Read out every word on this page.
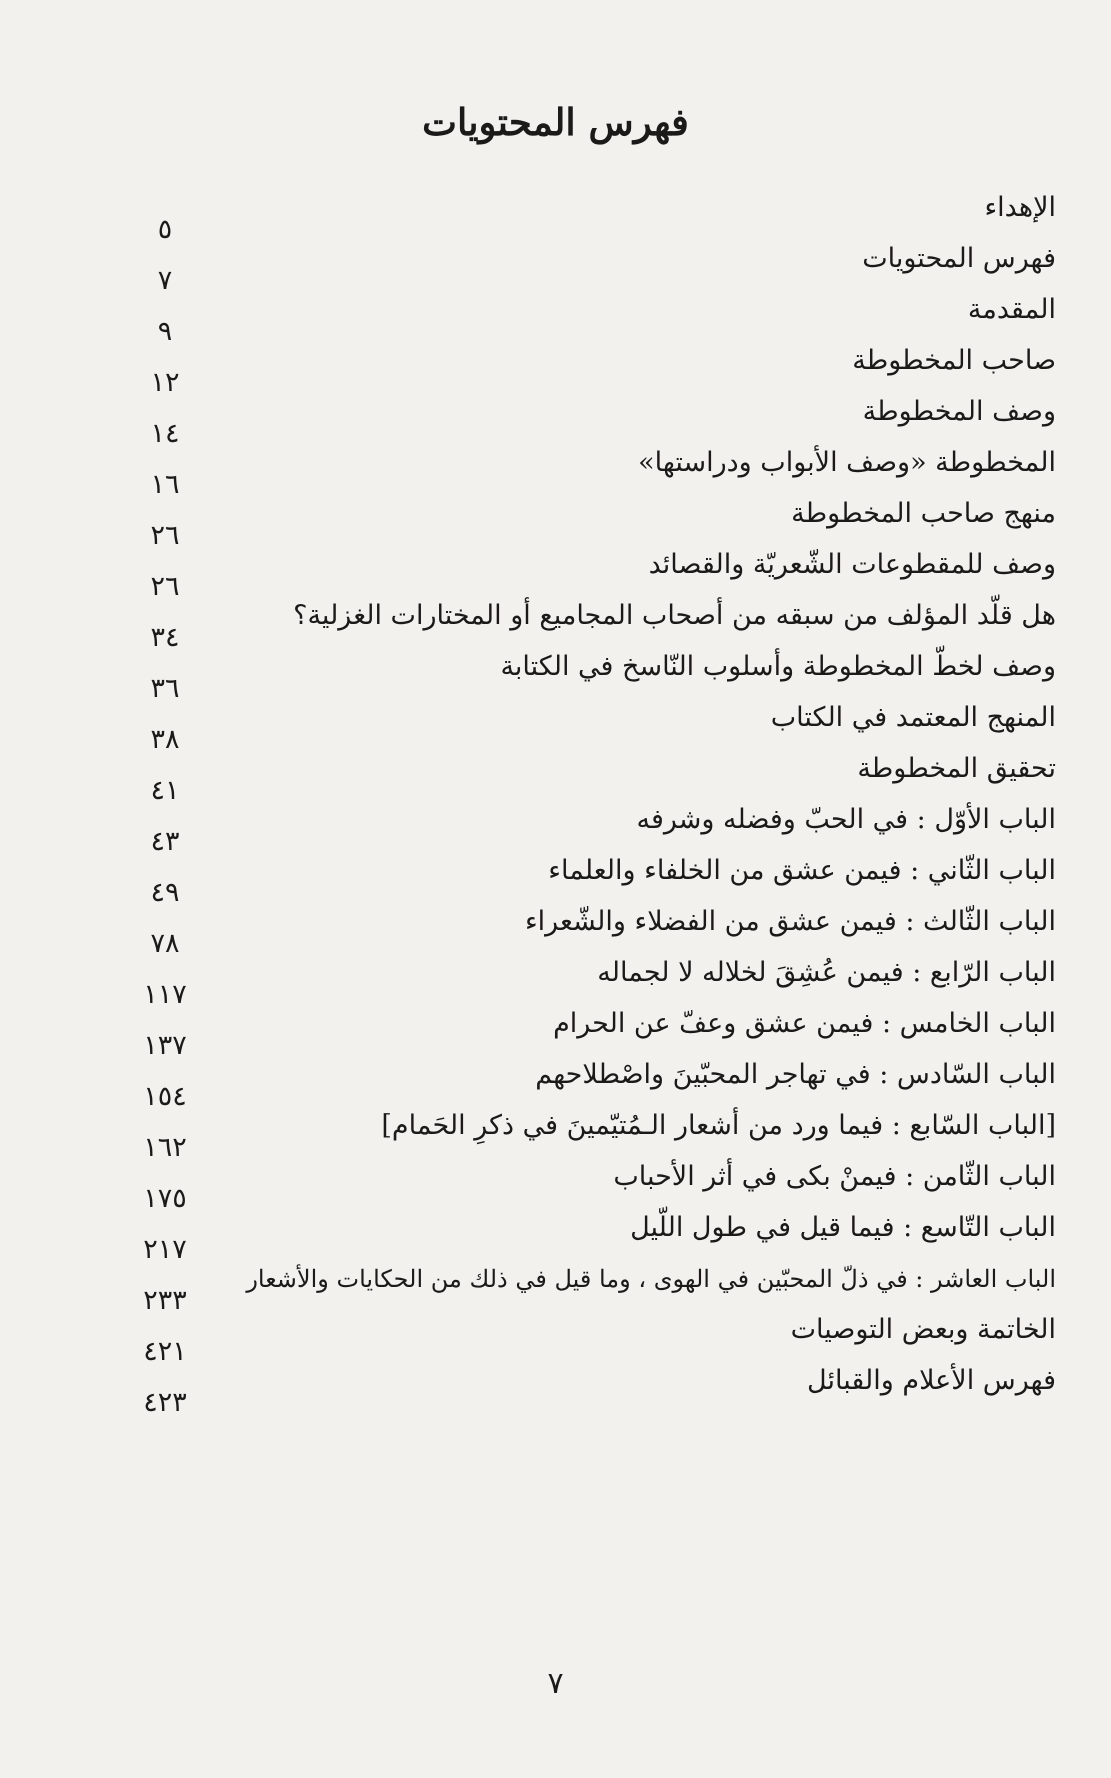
فهرس المحتويات
الإهداء
٥
فهرس المحتويات
٧
المقدمة
٩
صاحب المخطوطة
١٢
وصف المخطوطة
١٤
المخطوطة «وصف الأبواب ودراستها»
١٦
منهج صاحب المخطوطة
٢٦
وصف للمقطوعات الشّعريّة والقصائد
٢٦
هل قلّد المؤلف من سبقه من أصحاب المجاميع أو المختارات الغزلية؟
٣٤
وصف لخطّ المخطوطة وأسلوب النّاسخ في الكتابة
٣٦
المنهج المعتمد في الكتاب
٣٨
تحقيق المخطوطة
٤١
الباب الأوّل : في الحبّ وفضله وشرفه
٤٣
الباب الثّاني : فيمن عشق من الخلفاء والعلماء
٤٩
الباب الثّالث : فيمن عشق من الفضلاء والشّعراء
٧٨
الباب الرّابع : فيمن عُشِقَ لخلاله لا لجماله
١١٧
الباب الخامس : فيمن عشق وعفّ عن الحرام
١٣٧
الباب السّادس : في تهاجر المحبّينَ واصْطلاحهم
١٥٤
[الباب السّابع : فيما ورد من أشعار الـمُتيّمينَ في ذكرِ الحَمام]
١٦٢
الباب الثّامن : فيمنْ بكى في أثر الأحباب
١٧٥
الباب التّاسع : فيما قيل في طول اللّيل
٢١٧
الباب العاشر : في ذلّ المحبّين في الهوى ، وما قيل في ذلك من الحكايات والأشعار
٢٣٣
الخاتمة وبعض التوصيات
٤٢١
فهرس الأعلام والقبائل
٤٢٣
٧
